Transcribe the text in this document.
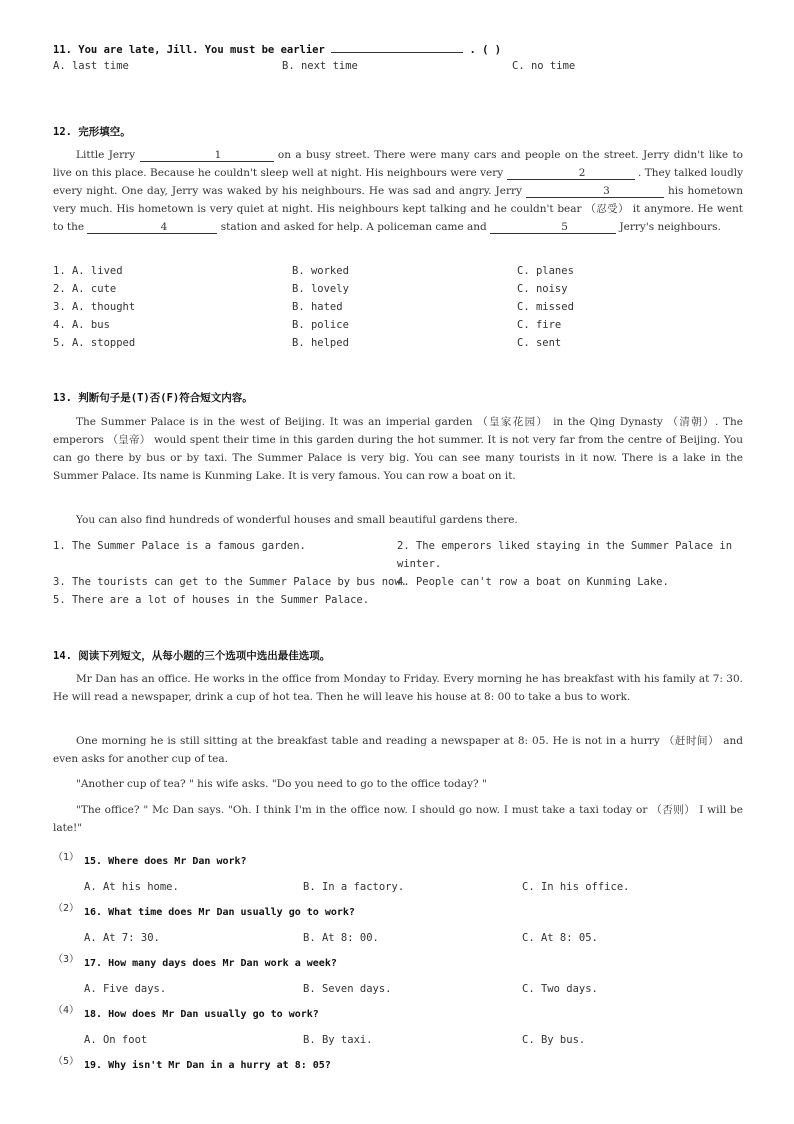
11. You are late, Jill. You must be earlier	. ( )
A. last time	B. next time	C. no time
12. 完形填空。
Little Jerry	1	on a busy street. There were many cars and people on the street. Jerry didn't like to live on this place. Because he couldn't sleep well at night. His neighbours were very	2	. They talked loudly every night. One day, Jerry was waked by his neighbours. He was sad and angry. Jerry	3	his hometown very much. His hometown is very quiet at night. His neighbours kept talking and he couldn't bear （忍受） it anymore. He went to the	4	station and asked for help. A policeman came and	5	Jerry's neighbours.
1. A. lived	B. worked	C. planes
2. A. cute	B. lovely	C. noisy
3. A. thought	B. hated	C. missed
4. A. bus	B. police	C. fire
5. A. stopped	B. helped	C. sent
13. 判断句子是(T)否(F)符合短文内容。
The Summer Palace is in the west of Beijing. It was an imperial garden （皇家花园） in the Qing Dynasty （清朝）. The emperors （皇帝） would spent their time in this garden during the hot summer. It is not very far from the centre of Beijing. You can go there by bus or by taxi. The Summer Palace is very big. You can see many tourists in it now. There is a lake in the Summer Palace. Its name is Kunming Lake. It is very famous. You can row a boat on it.
You can also find hundreds of wonderful houses and small beautiful gardens there.
1. The Summer Palace is a famous garden.	2. The emperors liked staying in the Summer Palace in winter.
3. The tourists can get to the Summer Palace by bus now.
4. People can't row a boat on Kunming Lake.
5. There are a lot of houses in the Summer Palace.
14. 阅读下列短文，从每小题的三个选项中选出最佳选项。
Mr Dan has an office. He works in the office from Monday to Friday. Every morning he has breakfast with his family at 7: 30. He will read a newspaper, drink a cup of hot tea. Then he will leave his house at 8: 00 to take a bus to work.
One morning he is still sitting at the breakfast table and reading a newspaper at 8: 05. He is not in a hurry （赶时间） and even asks for another cup of tea.
"Another cup of tea? " his wife asks. "Do you need to go to the office today? "
"The office? " Mc Dan says. "Oh. I think I'm in the office now. I should go now. I must take a taxi today or （否则） I will be late!"
（1） 15. Where does Mr Dan work?
A. At his home.	B. In a factory.	C. In his office.
（2） 16. What time does Mr Dan usually go to work?
A. At 7: 30.	B. At 8: 00.	C. At 8: 05.
（3） 17. How many days does Mr Dan work a week?
A. Five days.	B. Seven days.	C. Two days.
（4） 18. How does Mr Dan usually go to work?
A. On foot	B. By taxi.	C. By bus.
（5） 19. Why isn't Mr Dan in a hurry at 8: 05?
